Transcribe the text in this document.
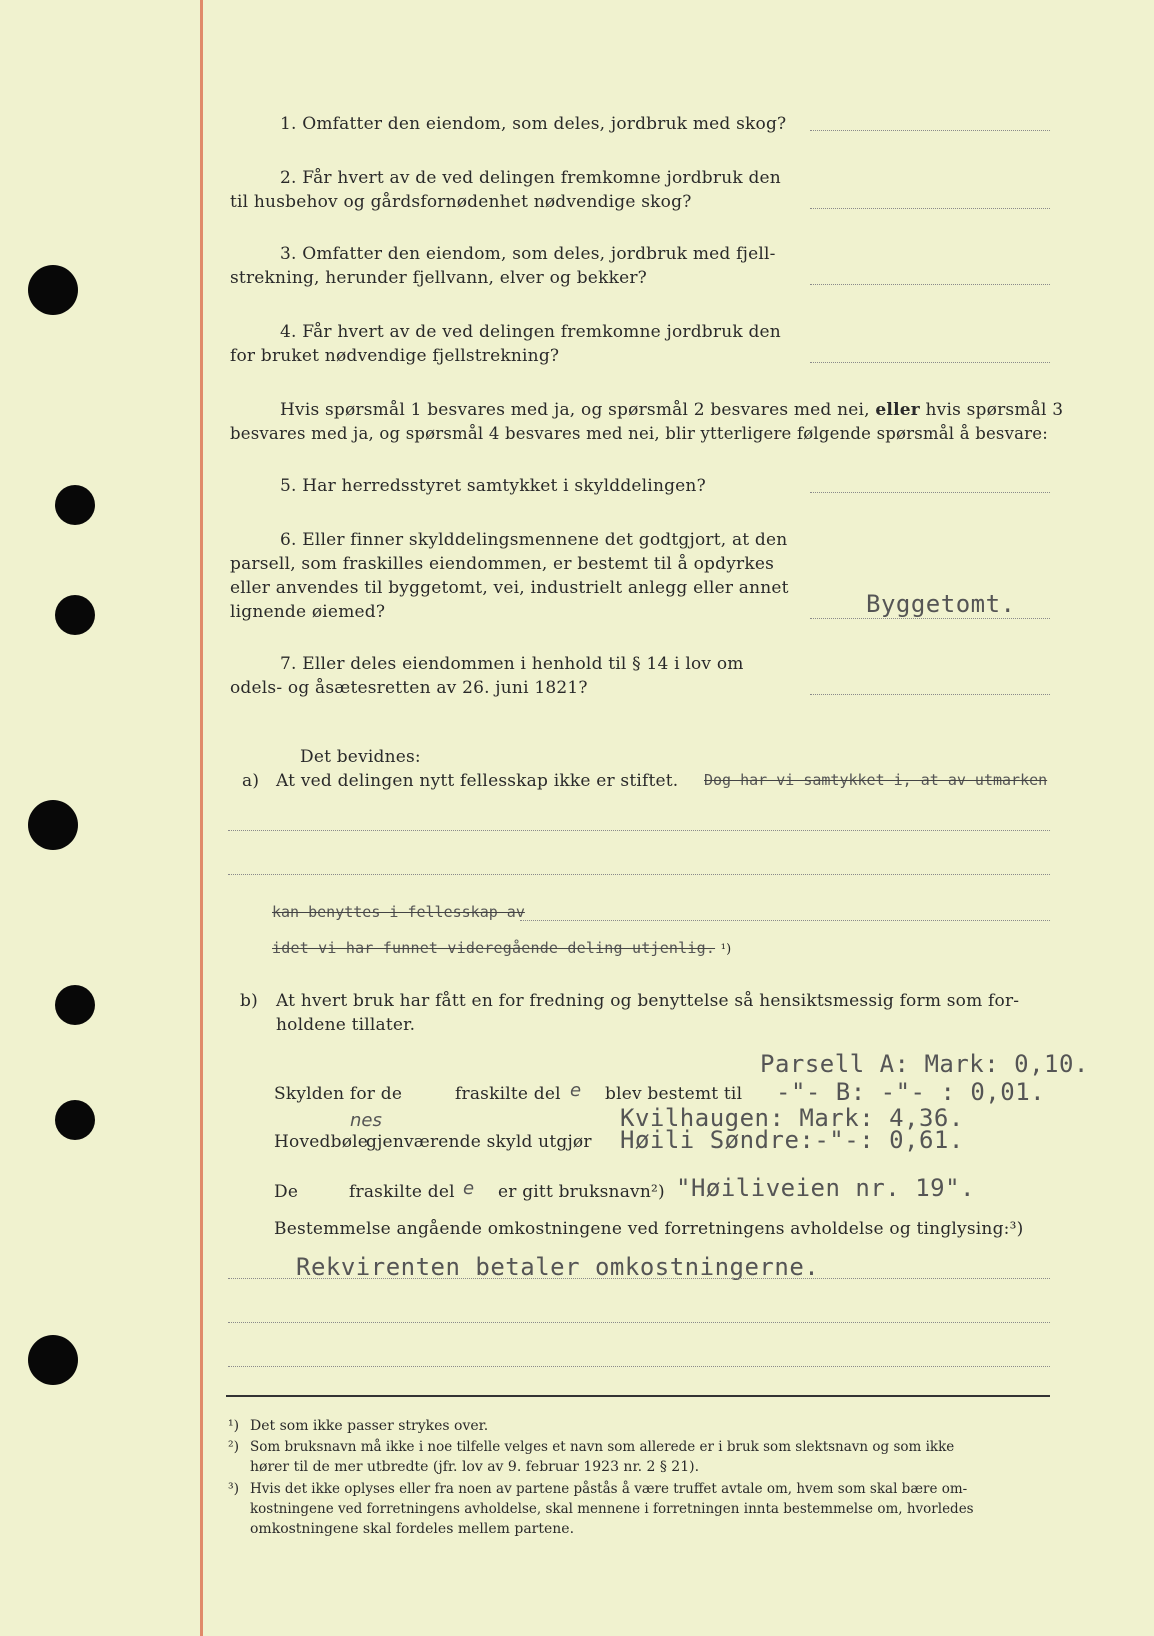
1. Omfatter den eiendom, som deles, jordbruk med skog?
2. Får hvert av de ved delingen fremkomne jordbruk den
til husbehov og gårdsfornødenhet nødvendige skog?
3. Omfatter den eiendom, som deles, jordbruk med fjell-
strekning, herunder fjellvann, elver og bekker?
4. Får hvert av de ved delingen fremkomne jordbruk den
for bruket nødvendige fjellstrekning?
Hvis spørsmål 1 besvares med ja, og spørsmål 2 besvares med nei, eller hvis spørsmål 3
besvares med ja, og spørsmål 4 besvares med nei, blir ytterligere følgende spørsmål å besvare:
5. Har herredsstyret samtykket i skylddelingen?
6. Eller finner skylddelingsmennene det godtgjort, at den
parsell, som fraskilles eiendommen, er bestemt til å opdyrkes
eller anvendes til byggetomt, vei, industrielt anlegg eller annet
lignende øiemed?	Byggetomt.
7. Eller deles eiendommen i henhold til § 14 i lov om
odels- og åsætesretten av 26. juni 1821?
Det bevidnes:
a) At ved delingen nytt fellesskap ikke er stiftet. Dog har vi samtykket i, at av utmarken
kan benyttes i fellesskap av
idet vi har funnet videregående deling utjenlig. ¹)
b) At hvert bruk har fått en for fredning og benyttelse så hensiktsmessig form som for-
holdene tillater.
Parsell A: Mark: 0,10.
-"- B: -"- : 0,01.
Skylden for de	fraskilte del e blev bestemt til
Kvilhaugen: Mark: 4,36.
nes
Hovedbøle
gjenværende skyld utgjør Høili Søndre:-"-: 0,61.
De	fraskilte del e er gitt bruksnavn²) "Høiliveien nr. 19".
Bestemmelse angående omkostningene ved forretningens avholdelse og tinglysing:³)
Rekvirenten betaler omkostningerne.
¹) Det som ikke passer strykes over.
²) Som bruksnavn må ikke i noe tilfelle velges et navn som allerede er i bruk som slektsnavn og som ikke
hører til de mer utbredte (jfr. lov av 9. februar 1923 nr. 2 § 21).
³) Hvis det ikke oplyses eller fra noen av partene påstås å være truffet avtale om, hvem som skal bære om-
kostningene ved forretningens avholdelse, skal mennene i forretningen innta bestemmelse om, hvorledes
omkostningene skal fordeles mellem partene.
